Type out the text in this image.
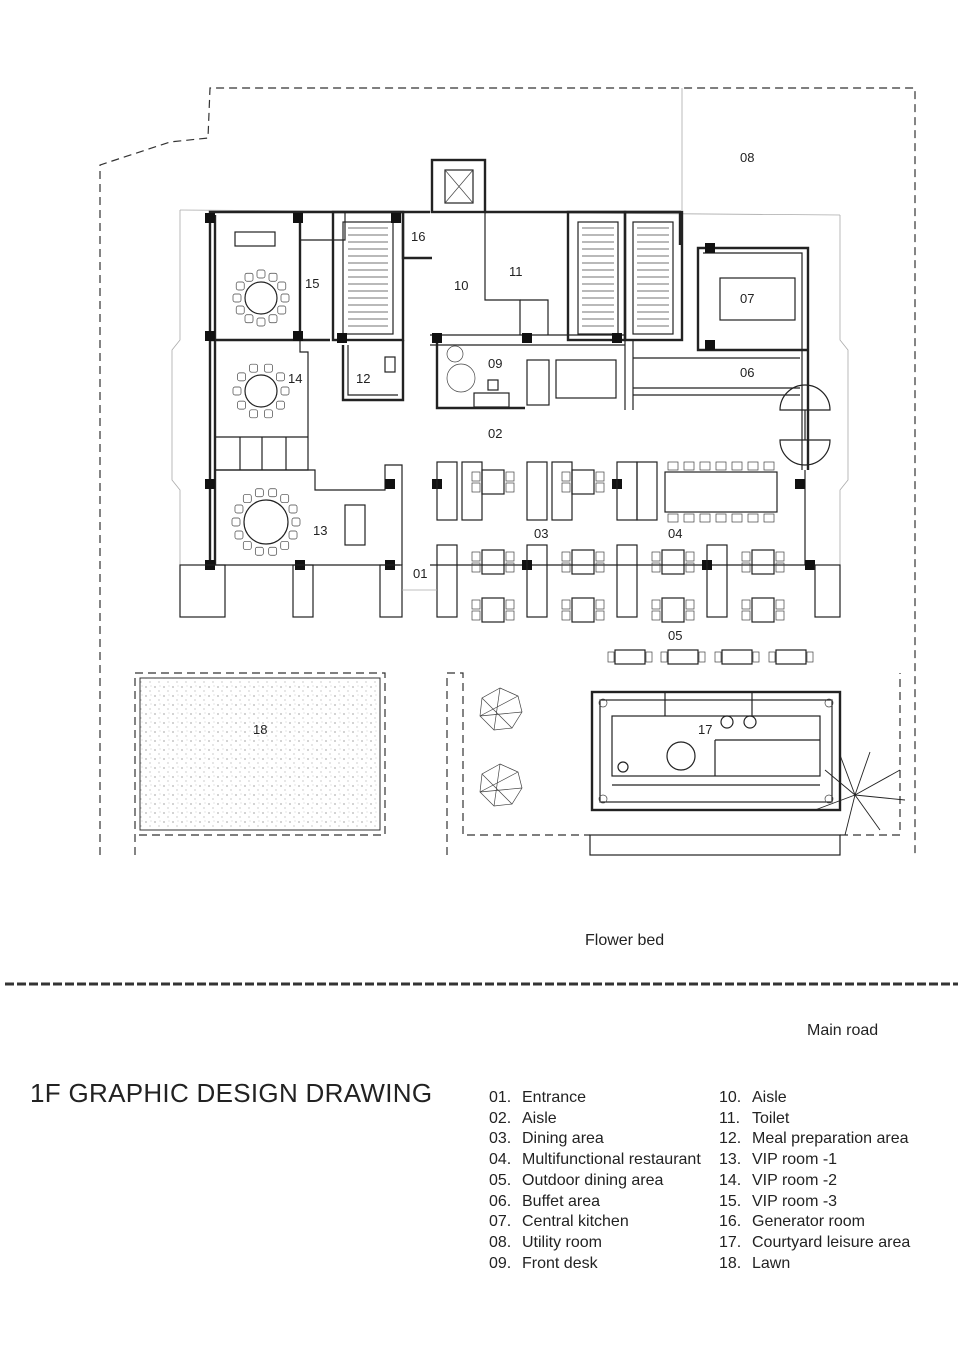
08
16
15	10
11
07
12
09
14	06
02
13	03	04
01
05
18	17
Flower bed
Main road
1F GRAPHIC DESIGN DRAWING	01. Entrance
02. Aisle
03. Dining area
04. Multifunctional restaurant
05. Outdoor dining area
06. Buffet area
07. Central kitchen
08. Utility room
09. Front desk
10. Aisle
11. Toilet
12. Meal preparation area
13. VIP room -1
14. VIP room -2
15. VIP room -3
16. Generator room
17. Courtyard leisure area
18. Lawn
